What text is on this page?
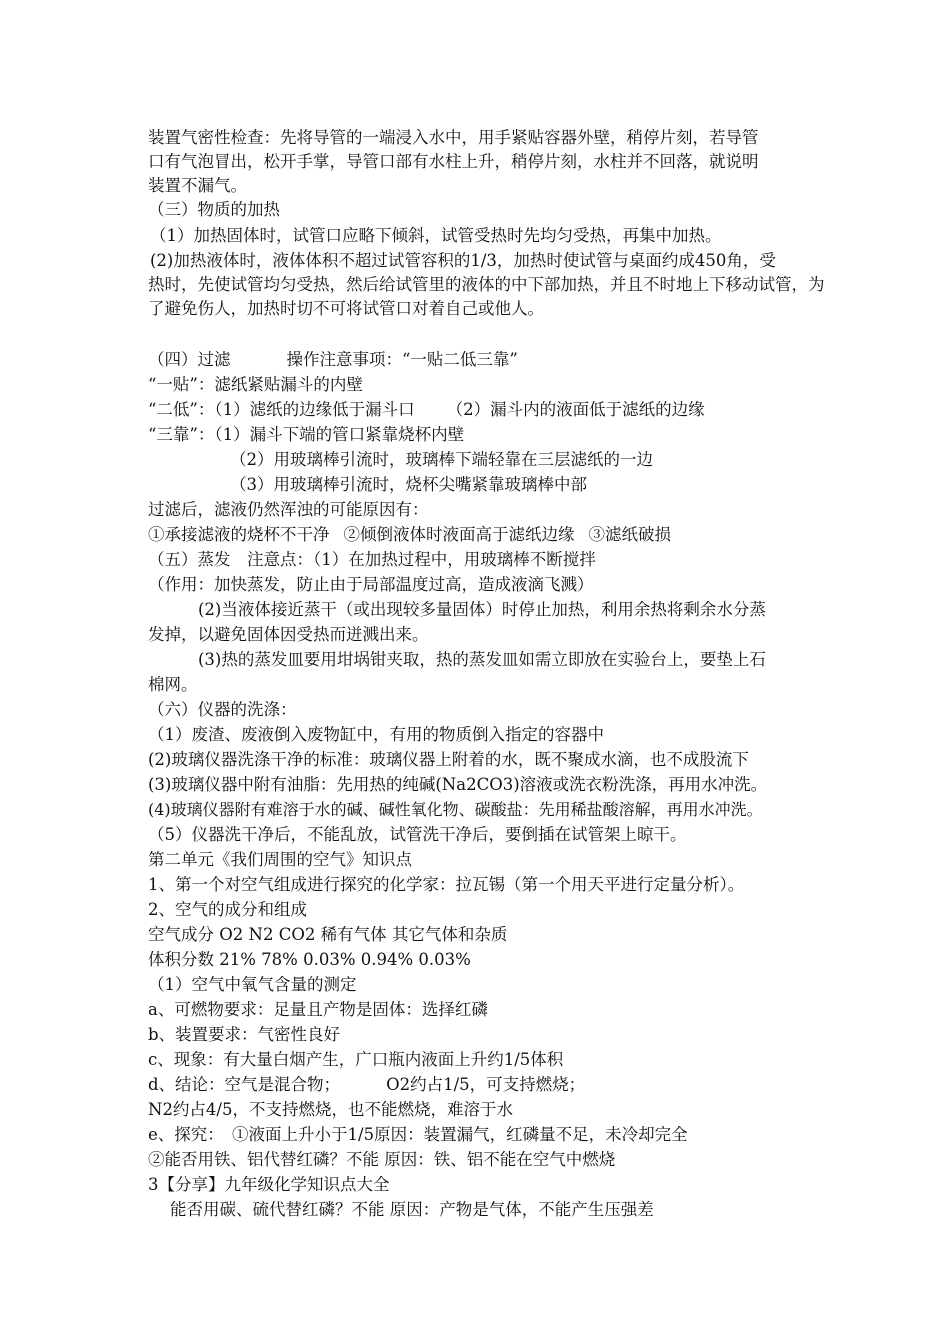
装置气密性检查：先将导管的一端浸入水中，用手紧贴容器外壁，稍停片刻，若导管
口有气泡冒出，松开手掌，导管口部有水柱上升，稍停片刻，水柱并不回落，就说明
装置不漏气。
（三）物质的加热
（1）加热固体时，试管口应略下倾斜，试管受热时先均匀受热，再集中加热。
(2)加热液体时，液体体积不超过试管容积的1/3，加热时使试管与桌面约成450角，受
热时，先使试管均匀受热，然后给试管里的液体的中下部加热，并且不时地上下移动试管，为
了避免伤人，加热时切不可将试管口对着自己或他人。
（四）过滤	操作注意事项：“一贴二低三靠”
“一贴”：滤纸紧贴漏斗的内壁
“二低”：（1）滤纸的边缘低于漏斗口 （2）漏斗内的液面低于滤纸的边缘
“三靠”：（1）漏斗下端的管口紧靠烧杯内壁
（2）用玻璃棒引流时，玻璃棒下端轻靠在三层滤纸的一边
（3）用玻璃棒引流时，烧杯尖嘴紧靠玻璃棒中部
过滤后，滤液仍然浑浊的可能原因有：
①承接滤液的烧杯不干净 ②倾倒液体时液面高于滤纸边缘 ③滤纸破损
（五）蒸发　注意点：（1）在加热过程中，用玻璃棒不断搅拌
（作用：加快蒸发，防止由于局部温度过高，造成液滴飞溅）
(2)当液体接近蒸干（或出现较多量固体）时停止加热，利用余热将剩余水分蒸
发掉，以避免固体因受热而迸溅出来。
(3)热的蒸发皿要用坩埚钳夹取，热的蒸发皿如需立即放在实验台上，要垫上石
棉网。
（六）仪器的洗涤：
（1）废渣、废液倒入废物缸中，有用的物质倒入指定的容器中
(2)玻璃仪器洗涤干净的标准：玻璃仪器上附着的水，既不聚成水滴，也不成股流下
(3)玻璃仪器中附有油脂：先用热的纯碱(Na2CO3)溶液或洗衣粉洗涤，再用水冲洗。
(4)玻璃仪器附有难溶于水的碱、碱性氧化物、碳酸盐：先用稀盐酸溶解，再用水冲洗。
（5）仪器洗干净后，不能乱放，试管洗干净后，要倒插在试管架上晾干。
第二单元《我们周围的空气》知识点
1、第一个对空气组成进行探究的化学家：拉瓦锡（第一个用天平进行定量分析）。
2、空气的成分和组成
空气成分 O2 N2 CO2 稀有气体 其它气体和杂质
体积分数 21% 78% 0.03% 0.94% 0.03%
（1）空气中氧气含量的测定
a、可燃物要求：足量且产物是固体：选择红磷
b、装置要求：气密性良好
c、现象：有大量白烟产生，广口瓶内液面上升约1/5体积
d、结论：空气是混合物；	O2约占1/5，可支持燃烧；
N2约占4/5，不支持燃烧，也不能燃烧，难溶于水
e、探究：　①液面上升小于1/5原因：装置漏气，红磷量不足，未冷却完全
②能否用铁、铝代替红磷？不能 原因：铁、铝不能在空气中燃烧
3【分享】九年级化学知识点大全
能否用碳、硫代替红磷？不能 原因：产物是气体，不能产生压强差
